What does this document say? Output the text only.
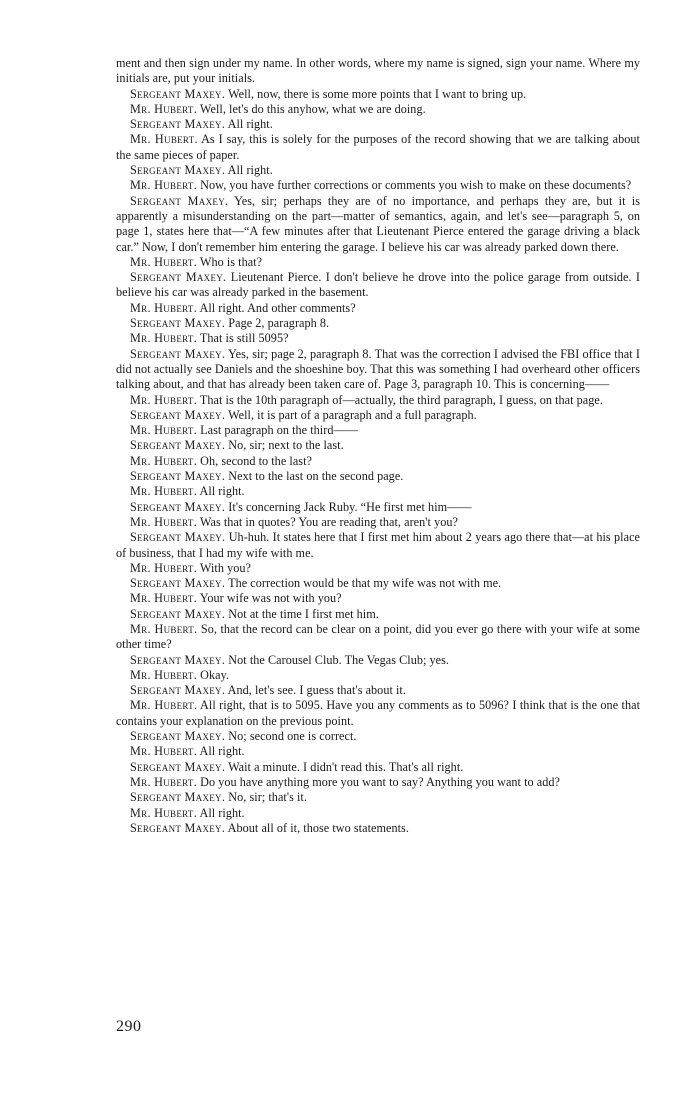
ment and then sign under my name. In other words, where my name is signed, sign your name. Where my initials are, put your initials.

Sergeant Maxey. Well, now, there is some more points that I want to bring up.

Mr. Hubert. Well, let's do this anyhow, what we are doing.

Sergeant Maxey. All right.

Mr. Hubert. As I say, this is solely for the purposes of the record showing that we are talking about the same pieces of paper.

Sergeant Maxey. All right.

Mr. Hubert. Now, you have further corrections or comments you wish to make on these documents?

Sergeant Maxey. Yes, sir; perhaps they are of no importance, and perhaps they are, but it is apparently a misunderstanding on the part—matter of semantics, again, and let's see—paragraph 5, on page 1, states here that—“A few minutes after that Lieutenant Pierce entered the garage driving a black car.” Now, I don't remember him entering the garage. I believe his car was already parked down there.

Mr. Hubert. Who is that?

Sergeant Maxey. Lieutenant Pierce. I don't believe he drove into the police garage from outside. I believe his car was already parked in the basement.

Mr. Hubert. All right. And other comments?

Sergeant Maxey. Page 2, paragraph 8.

Mr. Hubert. That is still 5095?

Sergeant Maxey. Yes, sir; page 2, paragraph 8. That was the correction I advised the FBI office that I did not actually see Daniels and the shoeshine boy. That this was something I had overheard other officers talking about, and that has already been taken care of. Page 3, paragraph 10. This is concerning——

Mr. Hubert. That is the 10th paragraph of—actually, the third paragraph, I guess, on that page.

Sergeant Maxey. Well, it is part of a paragraph and a full paragraph.

Mr. Hubert. Last paragraph on the third——

Sergeant Maxey. No, sir; next to the last.

Mr. Hubert. Oh, second to the last?

Sergeant Maxey. Next to the last on the second page.

Mr. Hubert. All right.

Sergeant Maxey. It's concerning Jack Ruby. “He first met him——

Mr. Hubert. Was that in quotes? You are reading that, aren't you?

Sergeant Maxey. Uh-huh. It states here that I first met him about 2 years ago there that—at his place of business, that I had my wife with me.

Mr. Hubert. With you?

Sergeant Maxey. The correction would be that my wife was not with me.

Mr. Hubert. Your wife was not with you?

Sergeant Maxey. Not at the time I first met him.

Mr. Hubert. So, that the record can be clear on a point, did you ever go there with your wife at some other time?

Sergeant Maxey. Not the Carousel Club. The Vegas Club; yes.

Mr. Hubert. Okay.

Sergeant Maxey. And, let's see. I guess that's about it.

Mr. Hubert. All right, that is to 5095. Have you any comments as to 5096? I think that is the one that contains your explanation on the previous point.

Sergeant Maxey. No; second one is correct.

Mr. Hubert. All right.

Sergeant Maxey. Wait a minute. I didn't read this. That's all right.

Mr. Hubert. Do you have anything more you want to say? Anything you want to add?

Sergeant Maxey. No, sir; that's it.

Mr. Hubert. All right.

Sergeant Maxey. About all of it, those two statements.

290
